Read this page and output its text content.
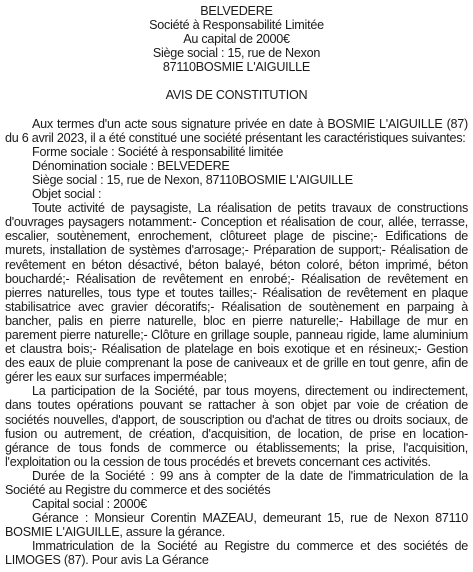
BELVEDERE
Société à Responsabilité Limitée
Au capital de 2000€
Siège social : 15, rue de Nexon
87110BOSMIE L'AIGUILLE
AVIS DE CONSTITUTION
Aux termes d'un acte sous signature privée en date à BOSMIE L'AIGUILLE (87) du 6 avril 2023, il a été constitué une société présentant les caractéristiques suivantes:
Forme sociale : Société à responsabilité limitée
Dénomination sociale : BELVEDERE
Siège social : 15, rue de Nexon, 87110BOSMIE L'AIGUILLE
Objet social :
Toute activité de paysagiste, La réalisation de petits travaux de constructions d'ouvrages paysagers notamment:- Conception et réalisation de cour, allée, terrasse, escalier, soutènement, enrochement, clôtureet plage de piscine;- Edifications de murets, installation de systèmes d'arrosage;- Préparation de support;- Réalisation de revêtement en béton désactivé, béton balayé, béton coloré, béton imprimé, béton bouchardé;- Réalisation de revêtement en enrobé;- Réalisation de revêtement en pierres naturelles, tous type et toutes tailles;- Réalisation de revêtement en plaque stabilisatrice avec gravier décoratifs;- Réalisation de soutènement en parpaing à bancher, palis en pierre naturelle, bloc en pierre naturelle;- Habillage de mur en parement pierre naturelle;- Clôture en grillage souple, panneau rigide, lame aluminium et claustra bois;- Réalisation de platelage en bois exotique et en résineux;- Gestion des eaux de pluie comprenant la pose de caniveaux et de grille en tout genre, afin de gérer les eaux sur surfaces imperméable;
La participation de la Société, par tous moyens, directement ou indirectement, dans toutes opérations pouvant se rattacher à son objet par voie de création de sociétés nouvelles, d'apport, de souscription ou d'achat de titres ou droits sociaux, de fusion ou autrement, de création, d'acquisition, de location, de prise en location-gérance de tous fonds de commerce ou établissements; la prise, l'acquisition, l'exploitation ou la cession de tous procédés et brevets concernant ces activités.
Durée de la Société : 99 ans à compter de la date de l'immatriculation de la Société au Registre du commerce et des sociétés
Capital social : 2000€
Gérance : Monsieur Corentin MAZEAU, demeurant 15, rue de Nexon 87110 BOSMIE L'AIGUILLE, assure la gérance.
Immatriculation de la Société au Registre du commerce et des sociétés de LIMOGES (87). Pour avis La Gérance
